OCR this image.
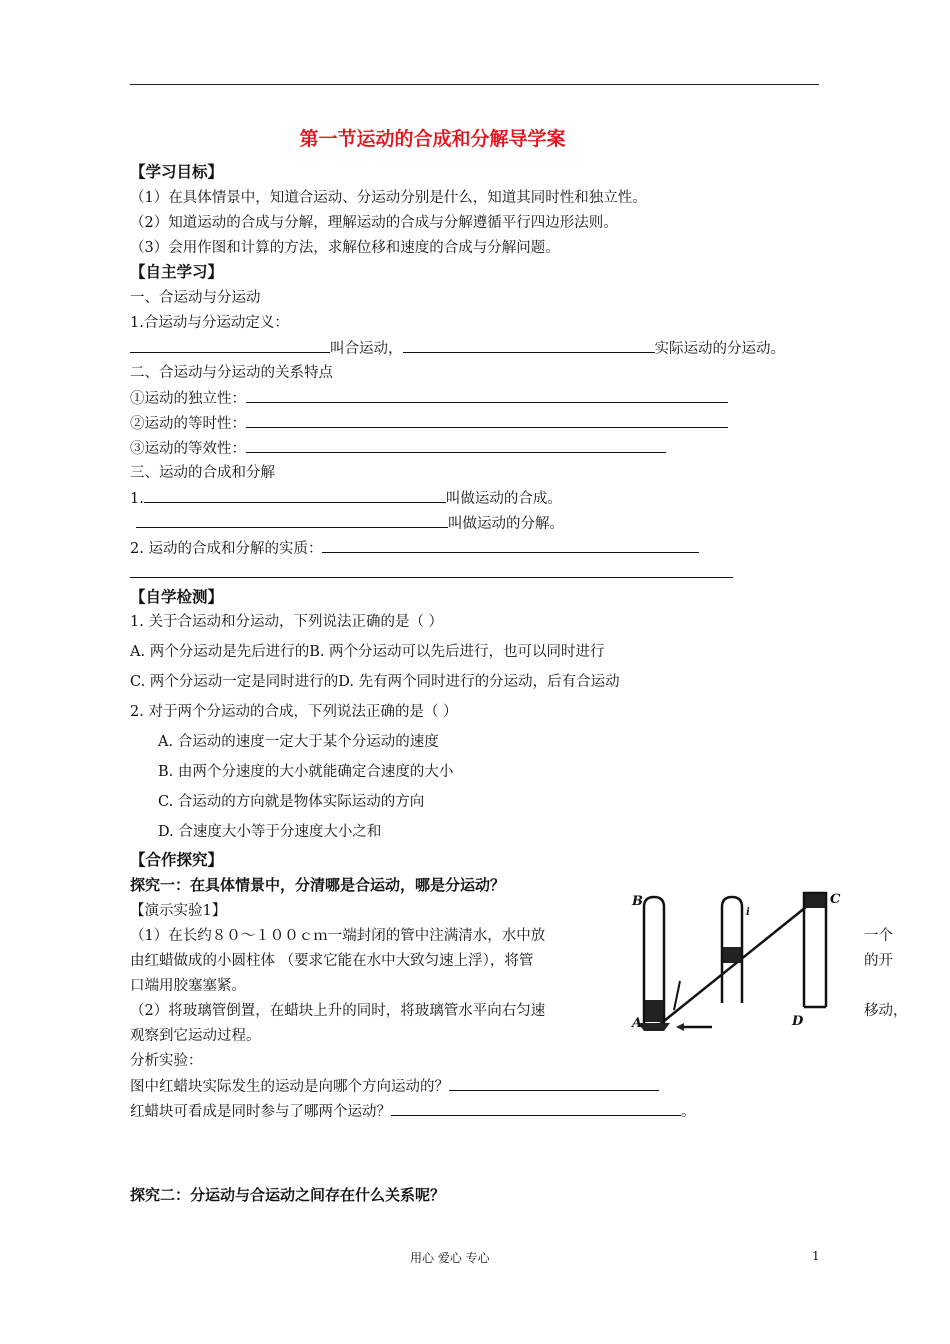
第一节运动的合成和分解导学案
【学习目标】
（1）在具体情景中，知道合运动、分运动分别是什么，知道其同时性和独立性。
（2）知道运动的合成与分解，理解运动的合成与分解遵循平行四边形法则。
（3）会用作图和计算的方法，求解位移和速度的合成与分解问题。
【自主学习】
一、合运动与分运动
1.合运动与分运动定义：
叫合运动，	实际运动的分运动。
二、合运动与分运动的关系特点
①运动的独立性：
②运动的等时性：
③运动的等效性：
三、运动的合成和分解
1.	叫做运动的合成。
叫做运动的分解。
2. 运动的合成和分解的实质：
【自学检测】
1. 关于合运动和分运动，下列说法正确的是（ ）
A. 两个分运动是先后进行的B. 两个分运动可以先后进行，也可以同时进行
C. 两个分运动一定是同时进行的D. 先有两个同时进行的分运动，后有合运动
2. 对于两个分运动的合成，下列说法正确的是（ ）
A. 合运动的速度一定大于某个分运动的速度
B. 由两个分速度的大小就能确定合速度的大小
C. 合运动的方向就是物体实际运动的方向
D. 合速度大小等于分速度大小之和
【合作探究】
探究一：在具体情景中，分清哪是合运动，哪是分运动？
【演示实验1】
（1）在长约８０～１００ｃｍ一端封闭的管中注满清水，水中放	一个
由红蜡做成的小圆柱体 （要求它能在水中大致匀速上浮），将管	的开
口端用胶塞塞紧。
（2）将玻璃管倒置，在蜡块上升的同时，将玻璃管水平向右匀速	移动，
观察到它运动过程。
分析实验：
图中红蜡块实际发生的运动是向哪个方向运动的？
红蜡块可看成是同时参与了哪两个运动？	。
探究二：分运动与合运动之间存在什么关系呢？
B	C
A	D
i
用心 爱心 专心	1
